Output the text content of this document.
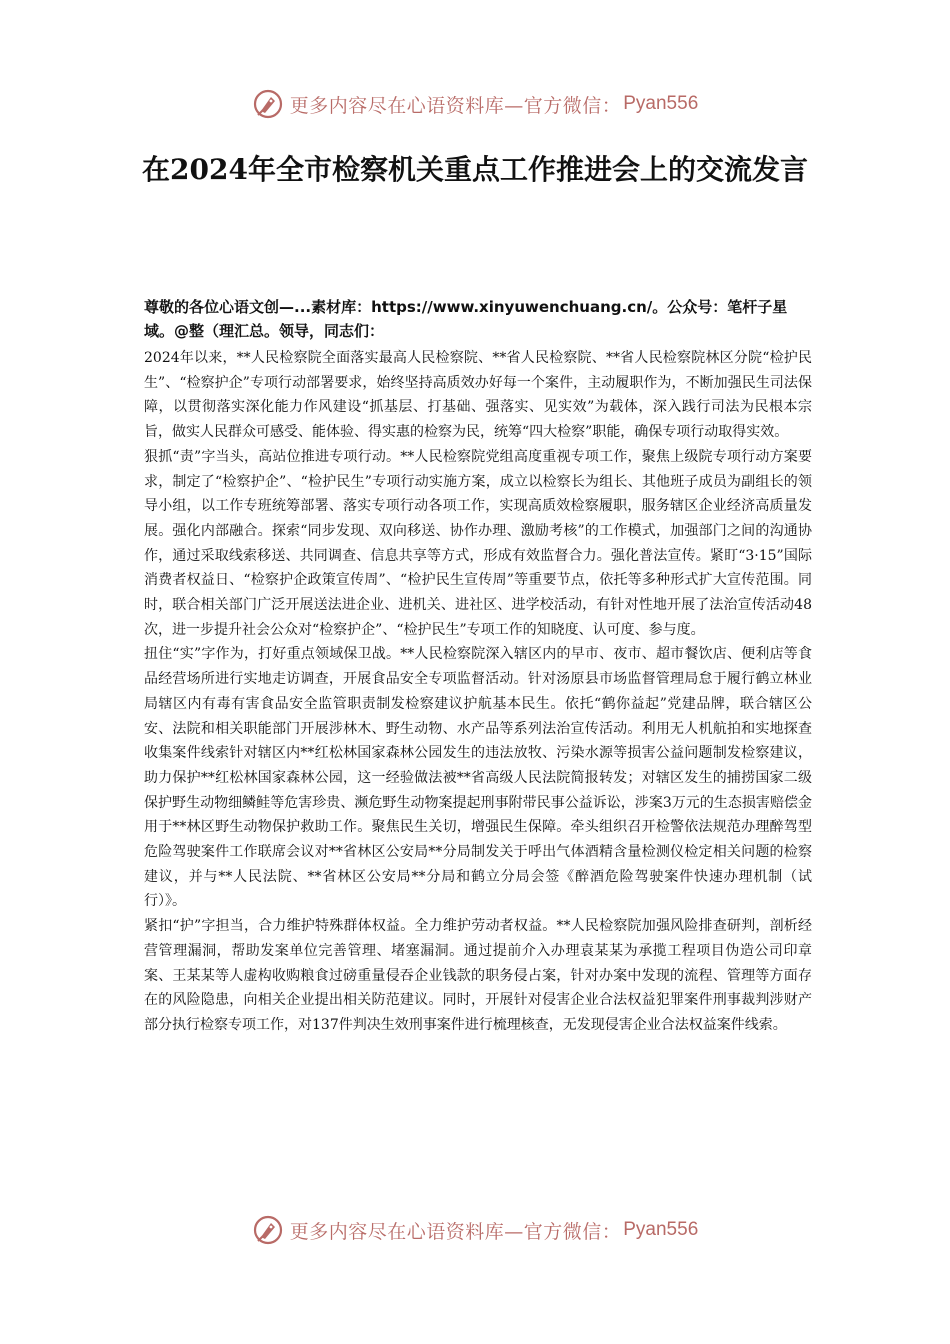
更多内容尽在心语资料库—官方微信： Pyan556
在2024年全市检察机关重点工作推进会上的交流发言

尊敬的各位心语文创—...素材库：https://www.xinyuwenchuang.cn/。公众号：笔杆子星域。@整（理汇总。领导，同志们：

2024年以来，**人民检察院全面落实最高人民检察院、**省人民检察院、**省人民检察院林区分院“检护民生”、“检察护企”专项行动部署要求，始终坚持高质效办好每一个案件，主动履职作为，不断加强民生司法保障，以贯彻落实深化能力作风建设“抓基层、打基础、强落实、见实效”为载体，深入践行司法为民根本宗旨，做实人民群众可感受、能体验、得实惠的检察为民，统筹“四大检察”职能，确保专项行动取得实效。

狠抓“责”字当头，高站位推进专项行动。**人民检察院党组高度重视专项工作，聚焦上级院专项行动方案要求，制定了“检察护企”、“检护民生”专项行动实施方案，成立以检察长为组长、其他班子成员为副组长的领导小组，以工作专班统筹部署、落实专项行动各项工作，实现高质效检察履职，服务辖区企业经济高质量发展。强化内部融合。探索“同步发现、双向移送、协作办理、激励考核”的工作模式，加强部门之间的沟通协作，通过采取线索移送、共同调查、信息共享等方式，形成有效监督合力。强化普法宣传。紧盯“3·15”国际消费者权益日、“检察护企政策宣传周”、“检护民生宣传周”等重要节点，依托等多种形式扩大宣传范围。同时，联合相关部门广泛开展送法进企业、进机关、进社区、进学校活动，有针对性地开展了法治宣传活动48次，进一步提升社会公众对“检察护企”、“检护民生”专项工作的知晓度、认可度、参与度。

扭住“实”字作为，打好重点领域保卫战。**人民检察院深入辖区内的早市、夜市、超市餐饮店、便利店等食品经营场所进行实地走访调查，开展食品安全专项监督活动。针对汤原县市场监督管理局怠于履行鹤立林业局辖区内有毒有害食品安全监管职责制发检察建议护航基本民生。依托“鹤你益起”党建品牌，联合辖区公安、法院和相关职能部门开展涉林木、野生动物、水产品等系列法治宣传活动。利用无人机航拍和实地探查收集案件线索针对辖区内**红松林国家森林公园发生的违法放牧、污染水源等损害公益问题制发检察建议，助力保护**红松林国家森林公园，这一经验做法被**省高级人民法院简报转发；对辖区发生的捕捞国家二级保护野生动物细鳞鲑等危害珍贵、濒危野生动物案提起刑事附带民事公益诉讼，涉案3万元的生态损害赔偿金用于**林区野生动物保护救助工作。聚焦民生关切，增强民生保障。牵头组织召开检警依法规范办理醉驾型危险驾驶案件工作联席会议对**省林区公安局**分局制发关于呼出气体酒精含量检测仪检定相关问题的检察建议，并与**人民法院、**省林区公安局**分局和鹤立分局会签《醉酒危险驾驶案件快速办理机制（试行）》。

紧扣“护”字担当，合力维护特殊群体权益。全力维护劳动者权益。**人民检察院加强风险排查研判，剖析经营管理漏洞，帮助发案单位完善管理、堵塞漏洞。通过提前介入办理袁某某为承揽工程项目伪造公司印章案、王某某等人虚构收购粮食过磅重量侵吞企业钱款的职务侵占案，针对办案中发现的流程、管理等方面存在的风险隐患，向相关企业提出相关防范建议。同时，开展针对侵害企业合法权益犯罪案件刑事裁判涉财产部分执行检察专项工作，对137件判决生效刑事案件进行梳理核查，无发现侵害企业合法权益案件线索。

更多内容尽在心语资料库—官方微信： Pyan556
